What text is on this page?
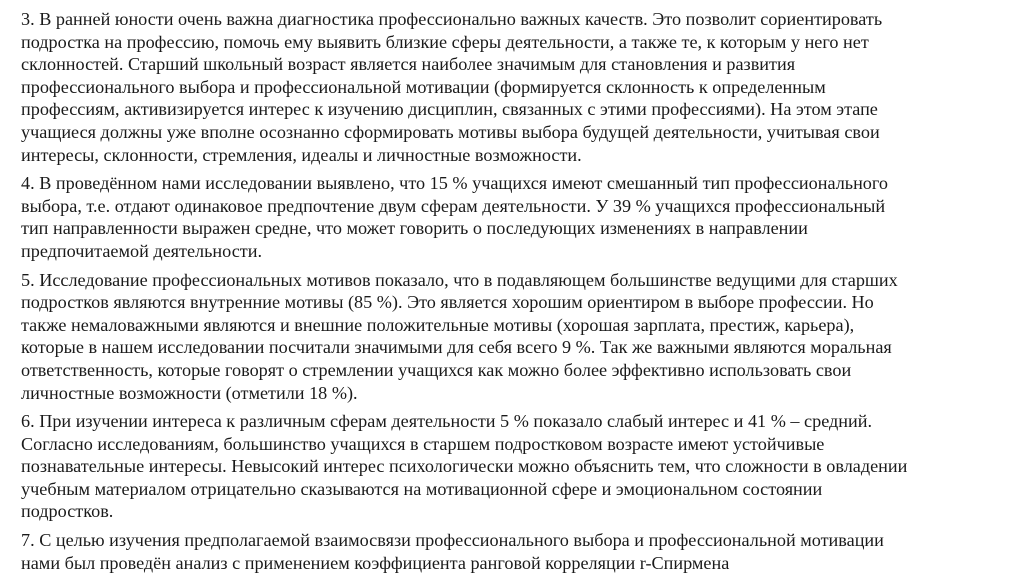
3. В ранней юности очень важна диагностика профессионально важных качеств. Это позволит сориентировать
подростка на профессию, помочь ему выявить близкие сферы деятельности, а также те, к которым у него нет
склонностей. Старший школьный возраст является наиболее значимым для становления и развития
профессионального выбора и профессиональной мотивации (формируется склонность к определенным
профессиям, активизируется интерес к изучению дисциплин, связанных с этими профессиями). На этом этапе
учащиеся должны уже вполне осознанно сформировать мотивы выбора будущей деятельности, учитывая свои
интересы, склонности, стремления, идеалы и личностные возможности.

4. В проведённом нами исследовании выявлено, что 15 % учащихся имеют смешанный тип профессионального
выбора, т.е. отдают одинаковое предпочтение двум сферам деятельности. У 39 % учащихся профессиональный
тип направленности выражен средне, что может говорить о последующих изменениях в направлении
предпочитаемой деятельности.

5. Исследование профессиональных мотивов показало, что в подавляющем большинстве ведущими для старших
подростков являются внутренние мотивы (85 %). Это является хорошим ориентиром в выборе профессии. Но
также немаловажными являются и внешние положительные мотивы (хорошая зарплата, престиж, карьера),
которые в нашем исследовании посчитали значимыми для себя всего 9 %. Так же важными являются моральная
ответственность, которые говорят о стремлении учащихся как можно более эффективно использовать свои
личностные возможности (отметили 18 %).

6. При изучении интереса к различным сферам деятельности 5 % показало слабый интерес и 41 % – средний.
Согласно исследованиям, большинство учащихся в старшем подростковом возрасте имеют устойчивые
познавательные интересы. Невысокий интерес психологически можно объяснить тем, что сложности в овладении
учебным материалом отрицательно сказываются на мотивационной сфере и эмоциональном состоянии
подростков.

7. С целью изучения предполагаемой взаимосвязи профессионального выбора и профессиональной мотивации
нами был проведён анализ с применением коэффициента ранговой корреляции r-Спирмена
